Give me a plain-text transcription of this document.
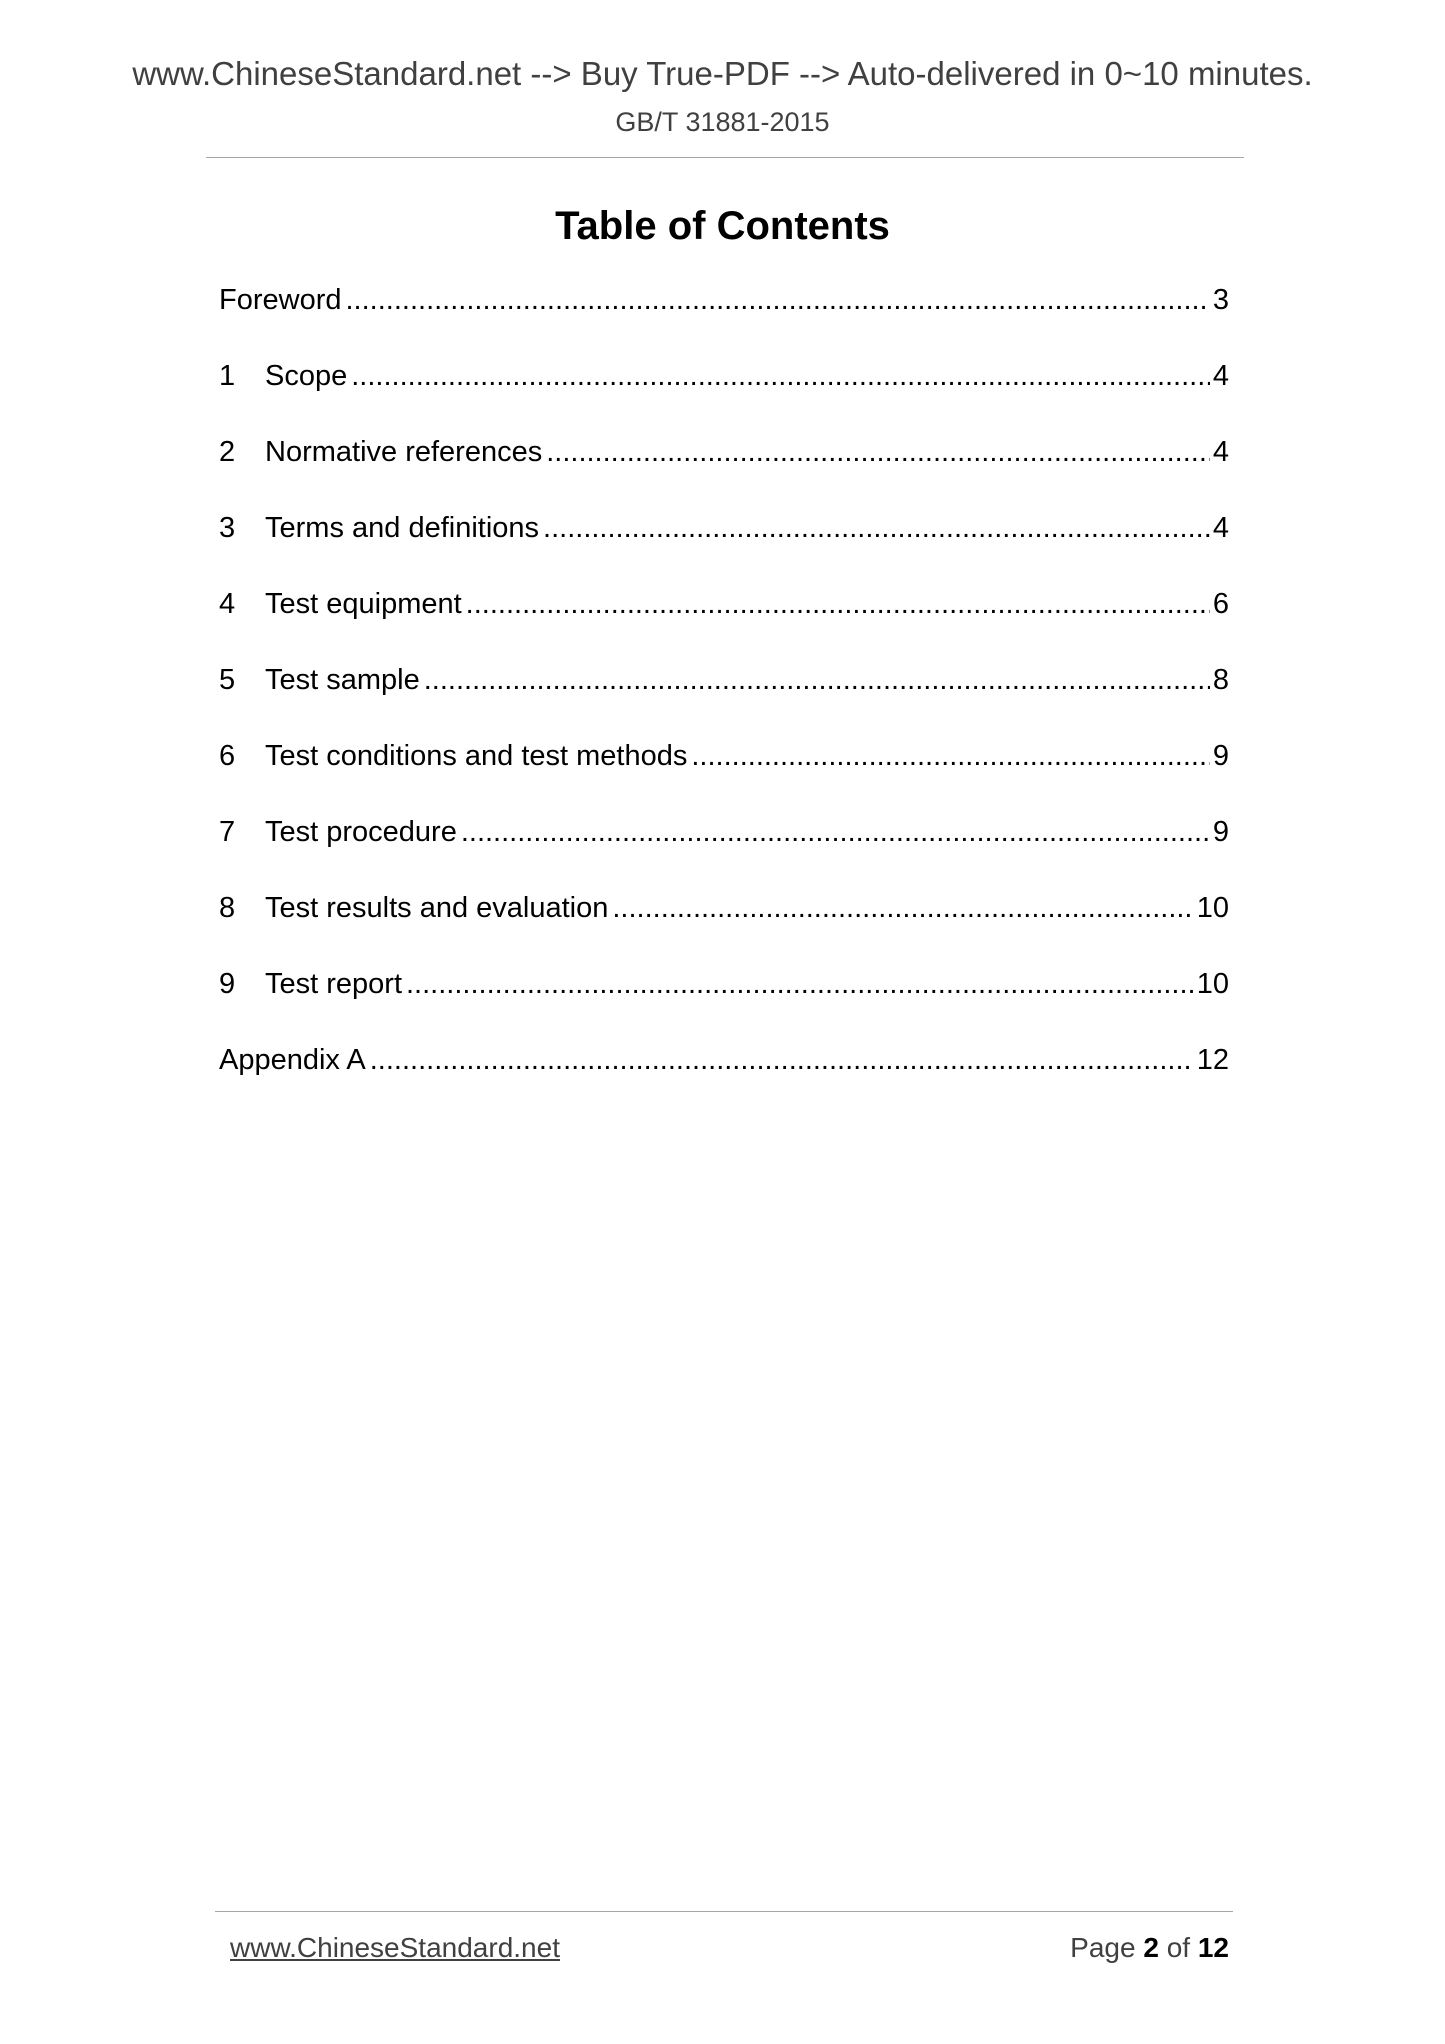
www.ChineseStandard.net --> Buy True-PDF --> Auto-delivered in 0~10 minutes.
GB/T 31881-2015
Table of Contents
Foreword .....	3
1	Scope .....	4
2	Normative references .....	4
3	Terms and definitions .....	4
4	Test equipment .....	6
5	Test sample .....	8
6	Test conditions and test methods .....	9
7	Test procedure .....	9
8	Test results and evaluation .....	10
9	Test report .....	10
Appendix A .....	12
www.ChineseStandard.net	Page 2 of 12
